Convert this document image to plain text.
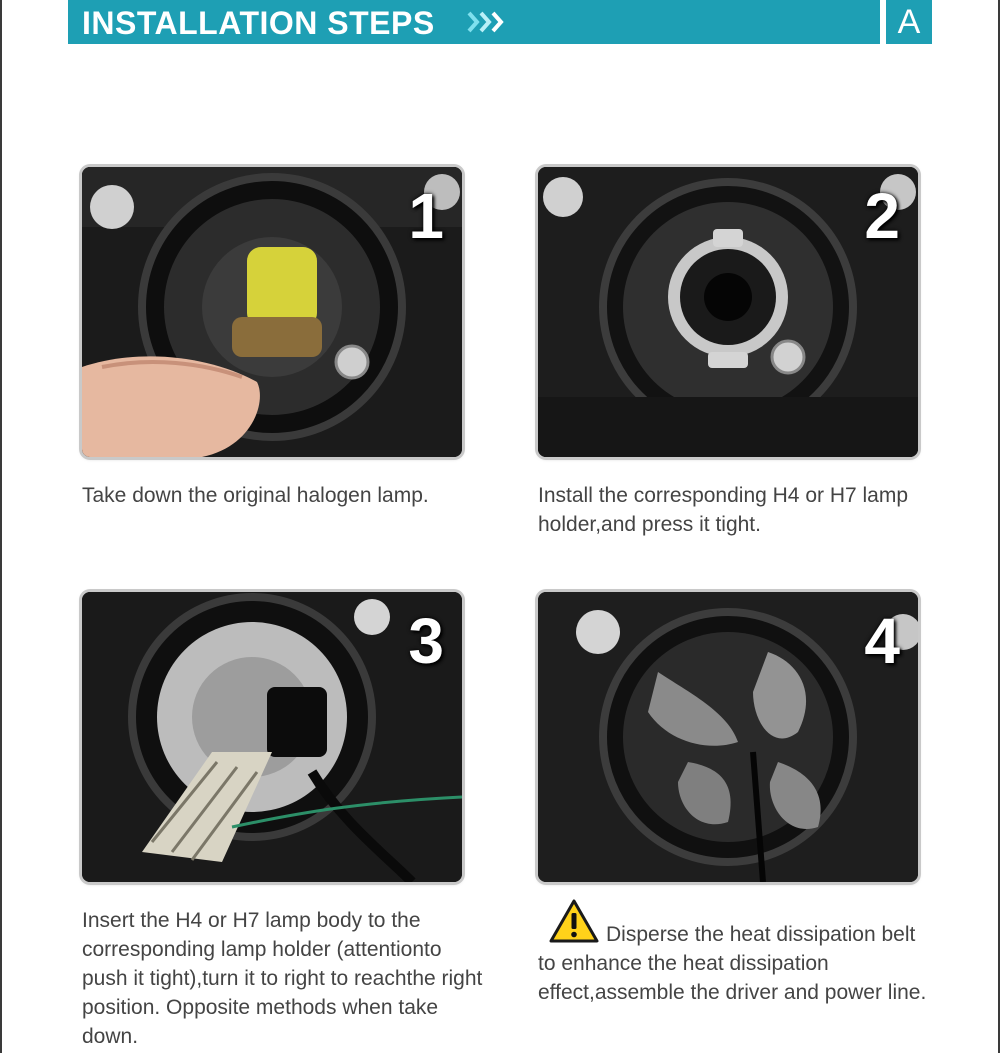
INSTALLATION STEPS	A
1	2
3	4
Take down the original halogen lamp.	Install the corresponding H4 or H7 lamp holder,and press it tight.
Insert the H4 or H7 lamp body to the corresponding lamp holder (attentionto push it tight),turn it to right to reachthe right position. Opposite methods when take down.
Disperse the heat dissipation belt to enhance the heat dissipation effect,assemble the driver and power line.
